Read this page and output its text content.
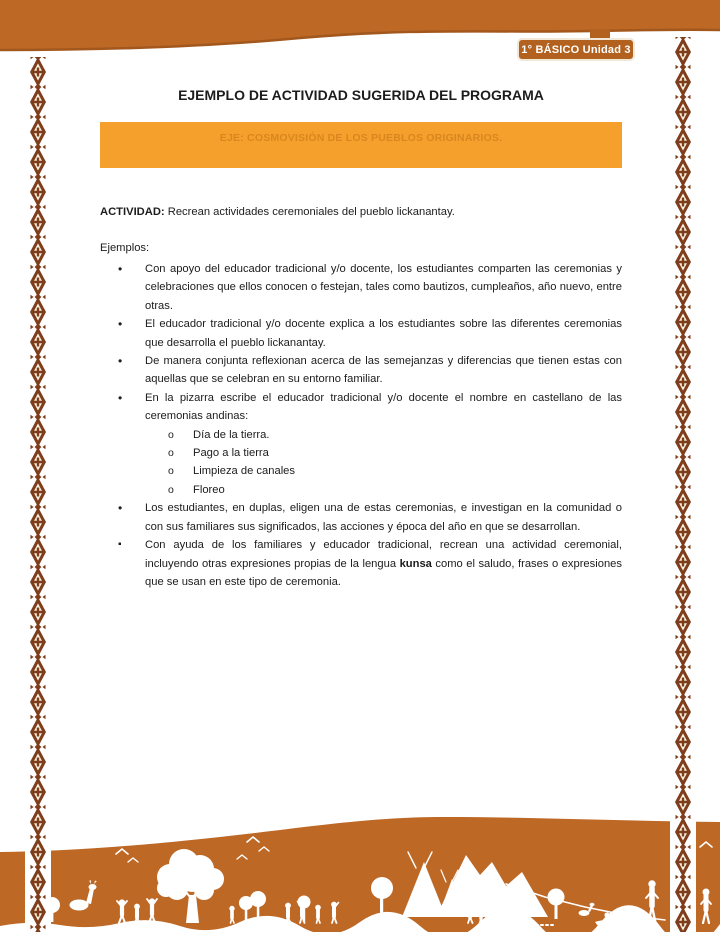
1° BÁSICO Unidad 3
EJEMPLO DE ACTIVIDAD SUGERIDA DEL PROGRAMA
EJE: COSMOVISIÓN DE LOS PUEBLOS ORIGINARIOS.
ACTIVIDAD: Recrean actividades ceremoniales del pueblo lickanantay.
Ejemplos:
•	Con apoyo del educador tradicional y/o docente, los estudiantes comparten las ceremonias y celebraciones que ellos conocen o festejan, tales como bautizos, cumpleaños, año nuevo, entre otras.

•	El educador tradicional y/o docente explica a los estudiantes sobre las diferentes ceremonias que desarrolla el pueblo lickanantay.

•	De manera conjunta reflexionan acerca de las semejanzas y diferencias que tienen estas con aquellas que se celebran en su entorno familiar.

•	En la pizarra escribe el educador tradicional y/o docente el nombre en castellano de las ceremonias andinas:

o	Día de la tierra.
o	Pago a la tierra
o	Limpieza de canales
o	Floreo
•	Los estudiantes, en duplas, eligen una de estas ceremonias, e investigan en la comunidad o con sus familiares sus significados, las acciones y época del año en que se desarrollan.

▪	Con ayuda de los familiares y educador tradicional, recrean una actividad ceremonial, incluyendo otras expresiones propias de la lengua kunsa como el saludo, frases o expresiones que se usan en este tipo de ceremonia.
